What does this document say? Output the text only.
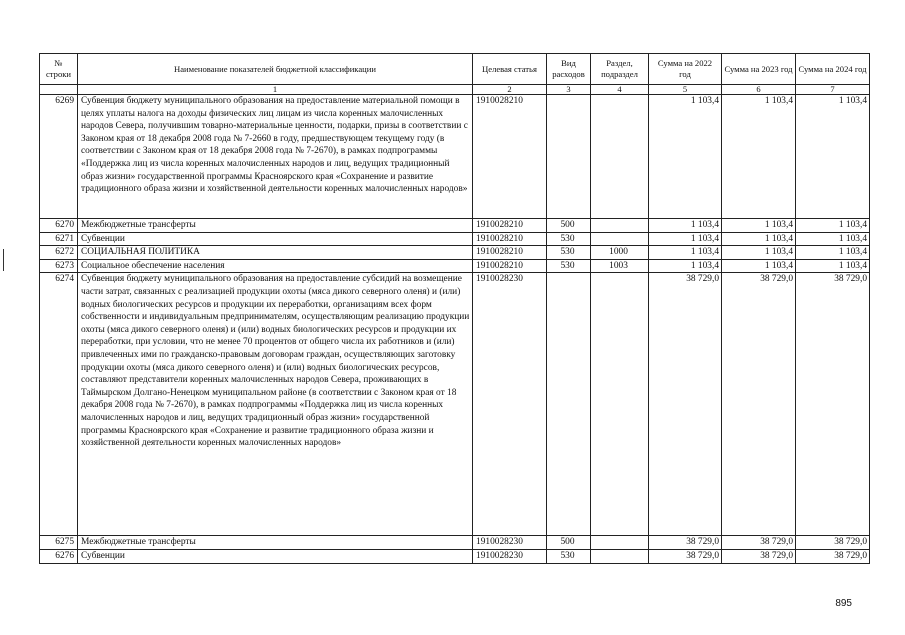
№ строки	Наименование показателей бюджетной классификации	Целевая статья	Вид расходов	Раздел, подраздел	Сумма на 2022 год	Сумма на 2023 год	Сумма на 2024 год
	1	2	3	4	5	6	7
6269	Субвенция бюджету муниципального образования на предоставление материальной помощи в целях уплаты налога на доходы физических лиц лицам из числа коренных малочисленных народов Севера, получившим товарно-материальные ценности, подарки, призы в соответствии с Законом края от 18 декабря 2008 года № 7-2660 в году, предшествующем текущему году (в соответствии с Законом края от 18 декабря 2008 года № 7-2670), в рамках подпрограммы «Поддержка лиц из числа коренных малочисленных народов и лиц, ведущих традиционный образ жизни» государственной программы Красноярского края «Сохранение и развитие традиционного образа жизни и хозяйственной деятельности коренных малочисленных народов»	1910028210			1 103,4	1 103,4	1 103,4
6270	Межбюджетные трансферты	1910028210	500		1 103,4	1 103,4	1 103,4
6271	Субвенции	1910028210	530		1 103,4	1 103,4	1 103,4
6272	СОЦИАЛЬНАЯ ПОЛИТИКА	1910028210	530	1000	1 103,4	1 103,4	1 103,4
6273	Социальное обеспечение населения	1910028210	530	1003	1 103,4	1 103,4	1 103,4
6274	Субвенция бюджету муниципального образования на предоставление субсидий на возмещение части затрат, связанных с реализацией продукции охоты (мяса дикого северного оленя) и (или) водных биологических ресурсов и продукции их переработки, организациям всех форм собственности и индивидуальным предпринимателям, осуществляющим реализацию продукции охоты (мяса дикого северного оленя) и (или) водных биологических ресурсов и продукции их переработки, при условии, что не менее 70 процентов от общего числа их работников и (или) привлеченных ими по гражданско-правовым договорам граждан, осуществляющих заготовку продукции охоты (мяса дикого северного оленя) и (или) водных биологических ресурсов, составляют представители коренных малочисленных народов Севера, проживающих в Таймырском Долгано-Ненецком муниципальном районе (в соответствии с Законом края от 18 декабря 2008 года № 7-2670), в рамках подпрограммы «Поддержка лиц из числа коренных малочисленных народов и лиц, ведущих традиционный образ жизни» государственной программы Красноярского края «Сохранение и развитие традиционного образа жизни и хозяйственной деятельности коренных малочисленных народов»	1910028230			38 729,0	38 729,0	38 729,0
6275	Межбюджетные трансферты	1910028230	500		38 729,0	38 729,0	38 729,0
6276	Субвенции	1910028230	530		38 729,0	38 729,0	38 729,0
895
